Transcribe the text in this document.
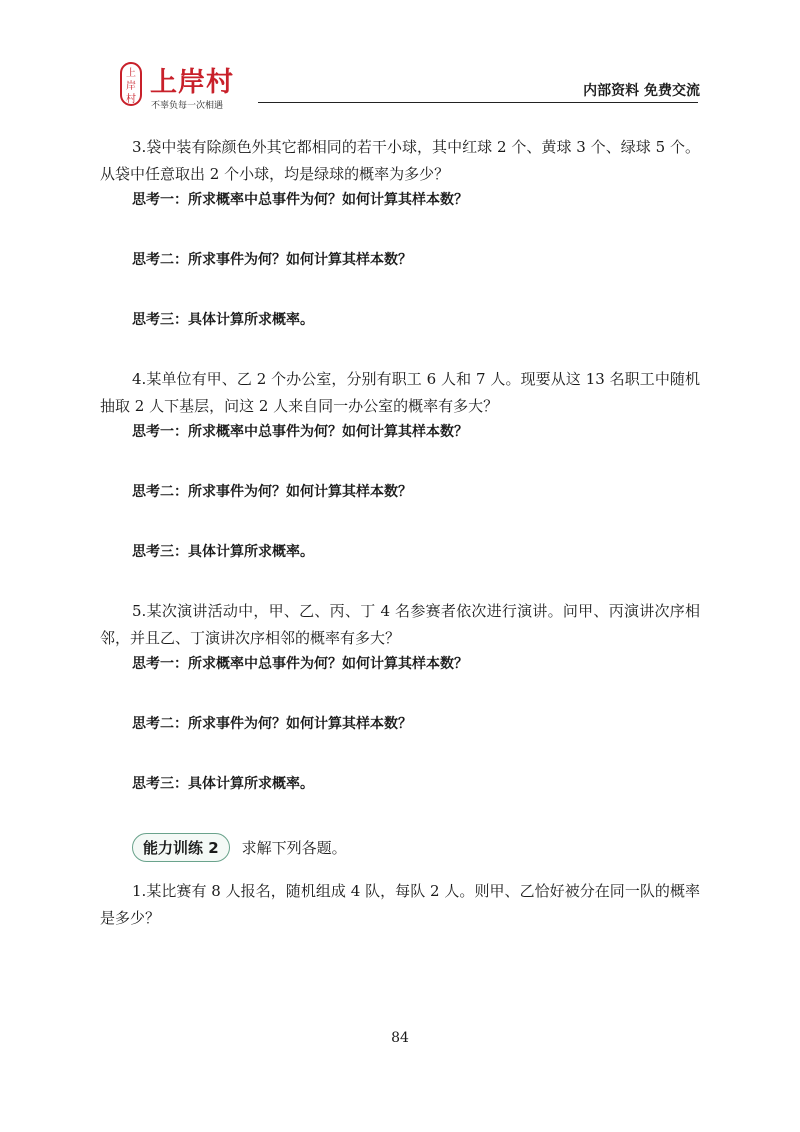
上岸村
上岸村
不辜负每一次相遇
内部资料 免费交流

3.袋中装有除颜色外其它都相同的若干小球，其中红球 2 个、黄球 3 个、绿球 5 个。从袋中任意取出 2 个小球，均是绿球的概率为多少？

思考一：所求概率中总事件为何？如何计算其样本数？

思考二：所求事件为何？如何计算其样本数？

思考三：具体计算所求概率。

4.某单位有甲、乙 2 个办公室，分别有职工 6 人和 7 人。现要从这 13 名职工中随机抽取 2 人下基层，问这 2 人来自同一办公室的概率有多大？

思考一：所求概率中总事件为何？如何计算其样本数？

思考二：所求事件为何？如何计算其样本数？

思考三：具体计算所求概率。

5.某次演讲活动中，甲、乙、丙、丁 4 名参赛者依次进行演讲。问甲、丙演讲次序相邻，并且乙、丁演讲次序相邻的概率有多大？

思考一：所求概率中总事件为何？如何计算其样本数？

思考二：所求事件为何？如何计算其样本数？

思考三：具体计算所求概率。

能力训练 2	求解下列各题。

1.某比赛有 8 人报名，随机组成 4 队，每队 2 人。则甲、乙恰好被分在同一队的概率是多少？

84
